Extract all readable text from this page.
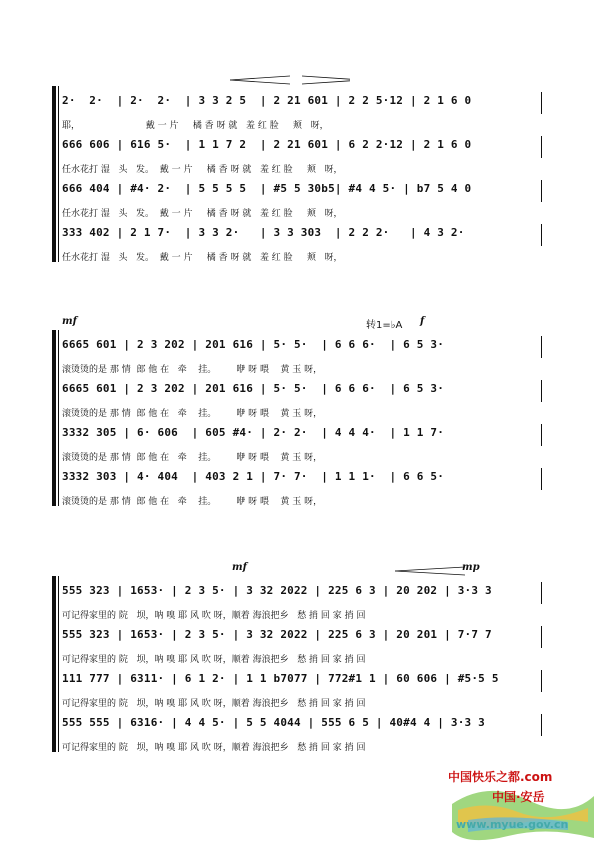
2·  2·  | 2·  2·  | 3 3 2 5  | 2 21 601 | 2 2 5·12 | 2 1 6 0
耶，                       戴 一 片     橘 香 呀 就   羞 红 脸     颊   呀，
666 606 | 616 5·  | 1 1 7 2  | 2 21 601 | 6 2 2·12 | 2 1 6 0
任水花打 湿   头   发。  戴 一 片     橘 香 呀 就   羞 红 脸     颊   呀，
666 404 | #4· 2·  | 5 5 5 5  | #5 5 30b5| #4 4 5· | b7 5 4 0
任水花打 湿   头   发。  戴 一 片     橘 香 呀 就   羞 红 脸     颊   呀，
333 402 | 2 1 7·  | 3 3 2·   | 3 3 303  | 2 2 2·   | 4 3 2·
任水花打 湿   头   发。  戴 一 片     橘 香 呀 就   羞 红 脸     颊   呀，
mf	转1=♭A f
6665 601 | 2 3 202 | 201 616 | 5· 5·  | 6 6 6·  | 6 5 3·
滚烫烫的是 那 情  郎 他 在   牵    挂。       咿 呀 喂    黄 玉 呀，
6665 601 | 2 3 202 | 201 616 | 5· 5·  | 6 6 6·  | 6 5 3·
滚烫烫的是 那 情  郎 他 在   牵    挂。       咿 呀 喂    黄 玉 呀，
3332 305 | 6· 606  | 605 #4· | 2· 2·  | 4 4 4·  | 1 1 7·
滚烫烫的是 那 情  郎 他 在   牵    挂。       咿 呀 喂    黄 玉 呀，
3332 303 | 4· 404  | 403 2 1 | 7· 7·  | 1 1 1·  | 6 6 5·
滚烫烫的是 那 情  郎 他 在   牵    挂。       咿 呀 喂    黄 玉 呀，
mf	mp
555 323 | 1653· | 2 3 5· | 3 32 2022 | 225 6 3 | 20 202 | 3·3 3
可记得家里的 院   坝，呐 嗅 耶 风 吹 呀，顺着 海浪把乡   愁 捎 回 家 捎 回
555 323 | 1653· | 2 3 5· | 3 32 2022 | 225 6 3 | 20 201 | 7·7 7
可记得家里的 院   坝，呐 嗅 耶 风 吹 呀，顺着 海浪把乡   愁 捎 回 家 捎 回
111 777 | 6311· | 6 1 2· | 1 1 b7077 | 772#1 1 | 60 606 | #5·5 5
可记得家里的 院   坝，呐 嗅 耶 风 吹 呀，顺着 海浪把乡   愁 捎 回 家 捎 回
555 555 | 6316· | 4 4 5· | 5 5 4044 | 555 6 5 | 40#4 4 | 3·3 3
可记得家里的 院   坝，呐 嗅 耶 风 吹 呀，顺着 海浪把乡   愁 捎 回 家 捎 回
中国快乐之都.com
中国·安岳
www.myue.gov.cn
